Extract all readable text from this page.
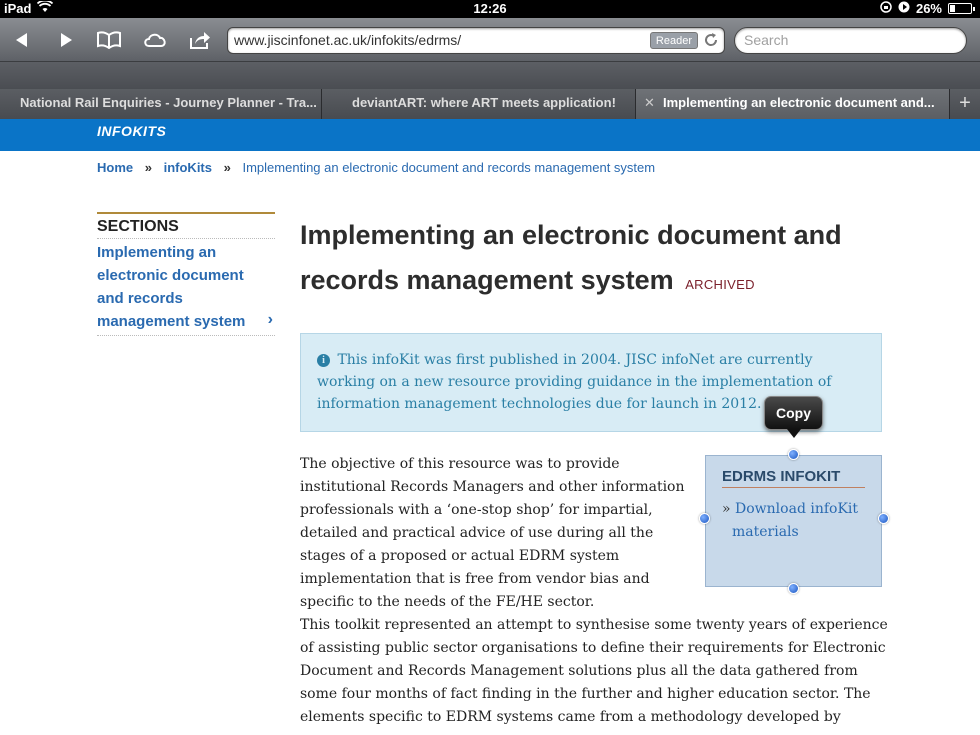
iPad	12:26	26%
www.jiscinfonet.ac.uk/infokits/edrms/	Reader	Search
National Rail Enquiries - Journey Planner - Tra...	deviantART: where ART meets application!	✕ Implementing an electronic document and...	+
INFOKITS
Home » infoKits » Implementing an electronic document and records management system
SECTIONS
Implementing an electronic document and records management system ›
Implementing an electronic document and records management system ARCHIVED
i This infoKit was first published in 2004. JISC infoNet are currently working on a new resource providing guidance in the implementation of information management technologies due for launch in 2012.
The objective of this resource was to provide institutional Records Managers and other information professionals with a ‘one-stop shop’ for impartial, detailed and practical advice of use during all the stages of a proposed or actual EDRM system implementation that is free from vendor bias and specific to the needs of the FE/HE sector.
EDRMS INFOKIT
» Download infoKit materials
Copy
This toolkit represented an attempt to synthesise some twenty years of experience of assisting public sector organisations to define their requirements for Electronic Document and Records Management solutions plus all the data gathered from some four months of fact finding in the further and higher education sector. The elements specific to EDRM systems came from a methodology developed by
